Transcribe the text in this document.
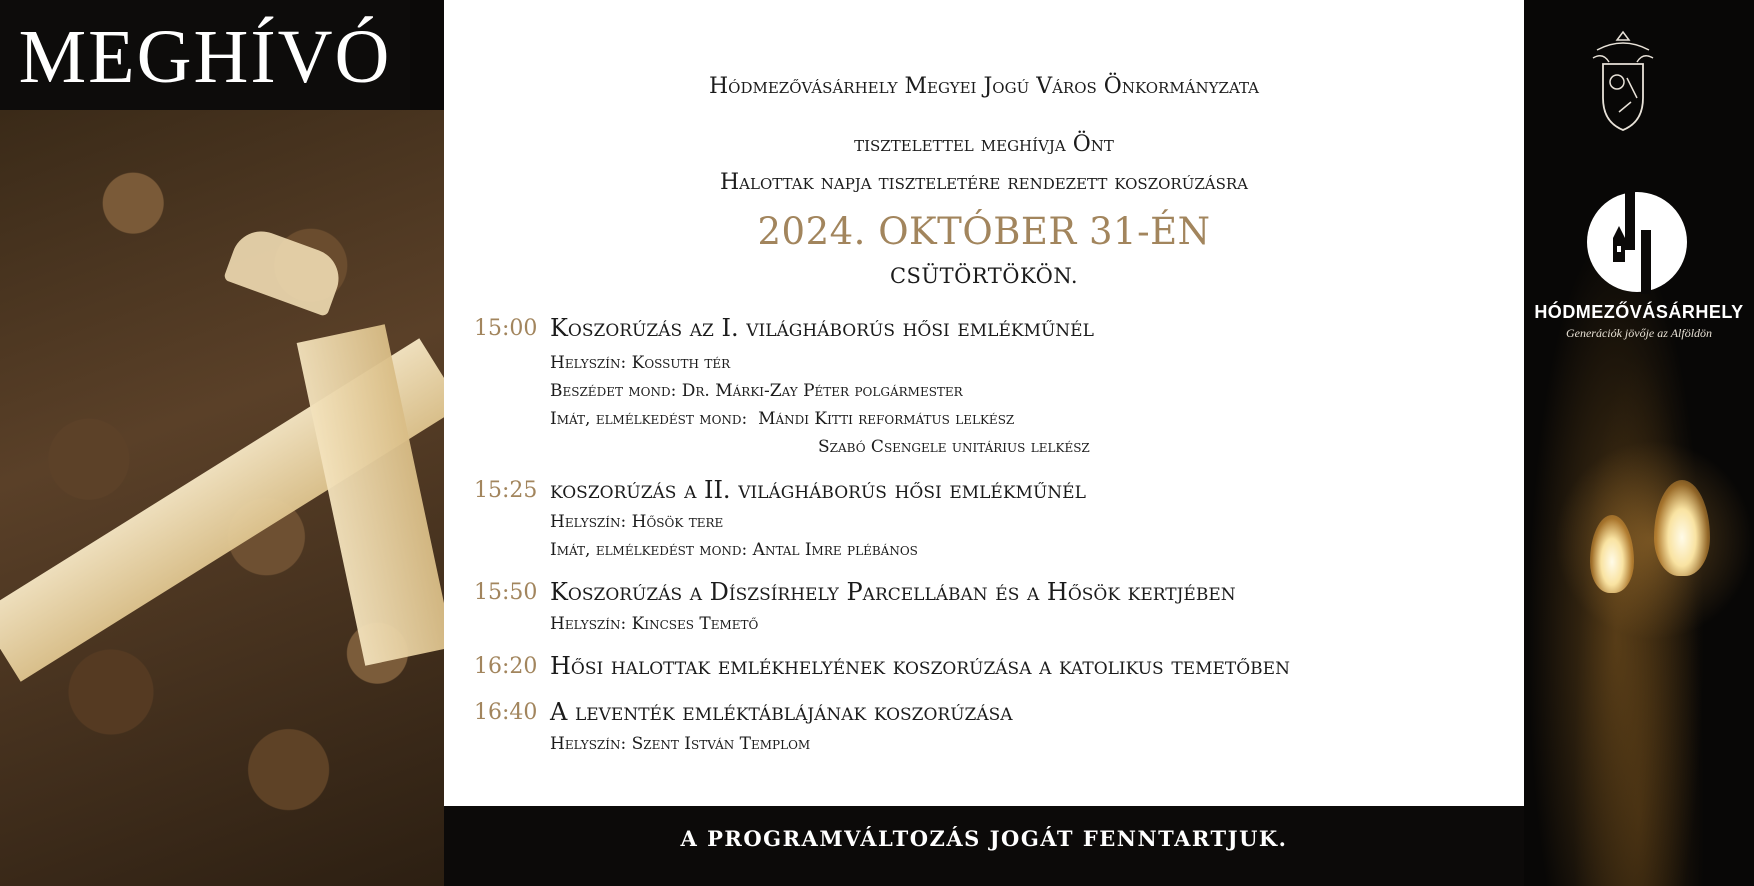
MEGHÍVÓ
HÓDMEZŐVÁSÁRHELY
Generációk jövője az Alföldön
Hódmezővásárhely Megyei Jogú Város Önkormányzata
tisztelettel meghívja Önt
Halottak napja tiszteletére rendezett koszorúzásra
2024. OKTÓBER 31-ÉN
CSÜTÖRTÖKÖN.
15:00 Koszorúzás az I. világháborús hősi emlékműnél
Helyszín: Kossuth tér
Beszédet mond: Dr. Márki-Zay Péter polgármester
Imát, elmélkedést mond:  Mándi Kitti református lelkész
Szabó Csengele unitárius lelkész
15:25 koszorúzás a II. világháborús hősi emlékműnél
Helyszín: Hősök tere
Imát, elmélkedést mond: Antal Imre plébános
15:50 Koszorúzás a Díszsírhely Parcellában és a Hősök kertjében
Helyszín: Kincses Temető
16:20 Hősi halottak emlékhelyének koszorúzása a katolikus temetőben
16:40 A leventék emléktáblájának koszorúzása
Helyszín: Szent István Templom
A PROGRAMVÁLTOZÁS JOGÁT FENNTARTJUK.
